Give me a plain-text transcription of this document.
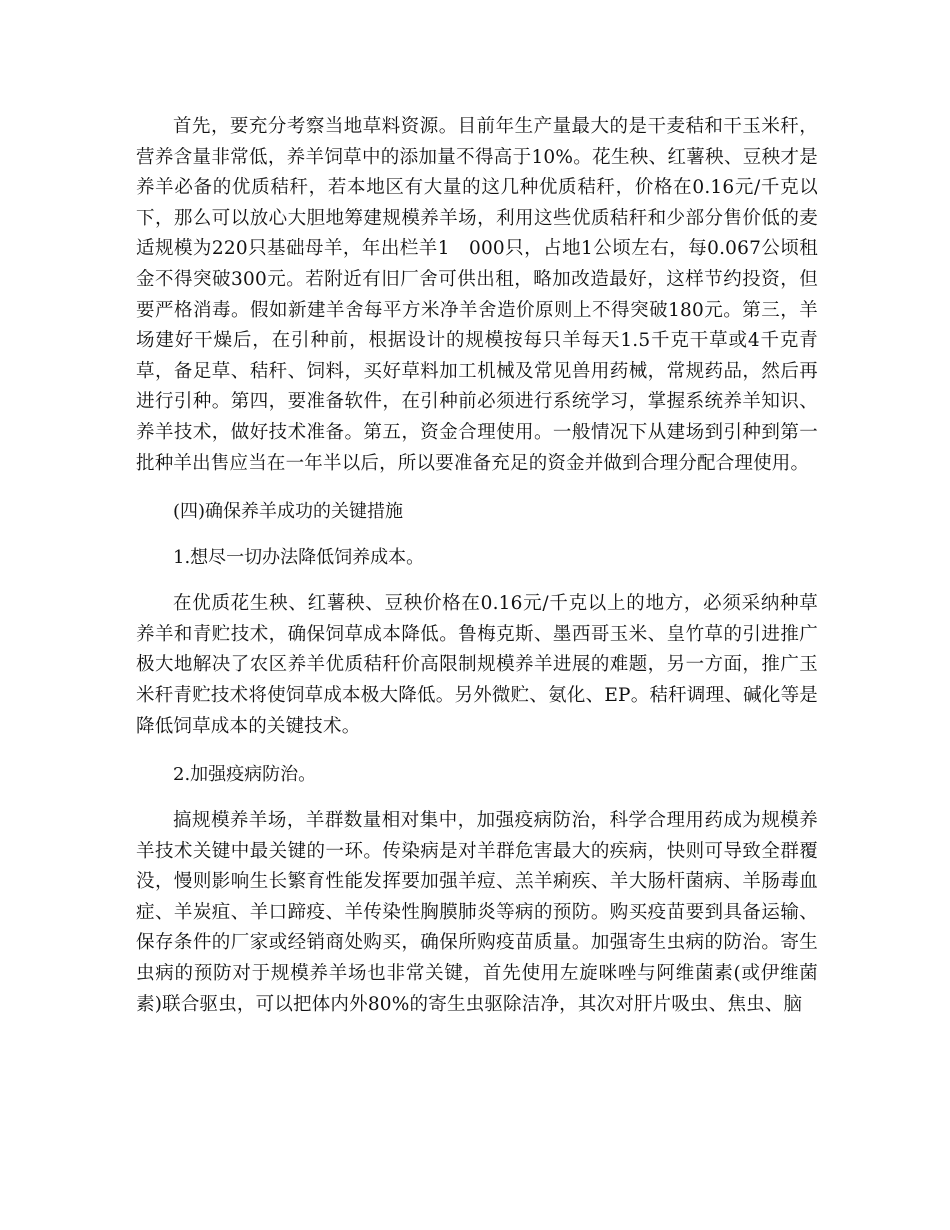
首先，要充分考察当地草料资源。目前年生产量最大的是干麦秸和干玉米秆，营养含量非常低，养羊饲草中的添加量不得高于10%。花生秧、红薯秧、豆秧才是养羊必备的优质秸秆，若本地区有大量的这几种优质秸秆，价格在0.16元/千克以下，那么可以放心大胆地筹建规模养羊场，利用这些优质秸秆和少部分售价低的麦适规模为220只基础母羊，年出栏羊1　000只，占地1公顷左右，每0.067公顷租金不得突破300元。若附近有旧厂舍可供出租，略加改造最好，这样节约投资，但要严格消毒。假如新建羊舍每平方米净羊舍造价原则上不得突破180元。第三，羊场建好干燥后，在引种前，根据设计的规模按每只羊每天1.5千克干草或4千克青草，备足草、秸秆、饲料，买好草料加工机械及常见兽用药械，常规药品，然后再进行引种。第四，要准备软件，在引种前必须进行系统学习，掌握系统养羊知识、养羊技术，做好技术准备。第五，资金合理使用。一般情况下从建场到引种到第一批种羊出售应当在一年半以后，所以要准备充足的资金并做到合理分配合理使用。

(四)确保养羊成功的关键措施

1.想尽一切办法降低饲养成本。

在优质花生秧、红薯秧、豆秧价格在0.16元/千克以上的地方，必须采纳种草养羊和青贮技术，确保饲草成本降低。鲁梅克斯、墨西哥玉米、皇竹草的引进推广极大地解决了农区养羊优质秸秆价高限制规模养羊进展的难题，另一方面，推广玉米秆青贮技术将使饲草成本极大降低。另外微贮、氨化、EP。秸秆调理、碱化等是降低饲草成本的关键技术。

2.加强疫病防治。

搞规模养羊场，羊群数量相对集中，加强疫病防治，科学合理用药成为规模养羊技术关键中最关键的一环。传染病是对羊群危害最大的疾病，快则可导致全群覆没，慢则影响生长繁育性能发挥要加强羊痘、羔羊痢疾、羊大肠杆菌病、羊肠毒血症、羊炭疽、羊口蹄疫、羊传染性胸膜肺炎等病的预防。购买疫苗要到具备运输、保存条件的厂家或经销商处购买，确保所购疫苗质量。加强寄生虫病的防治。寄生虫病的预防对于规模养羊场也非常关键，首先使用左旋咪唑与阿维菌素(或伊维菌素)联合驱虫，可以把体内外80%的寄生虫驱除洁净，其次对肝片吸虫、焦虫、脑
